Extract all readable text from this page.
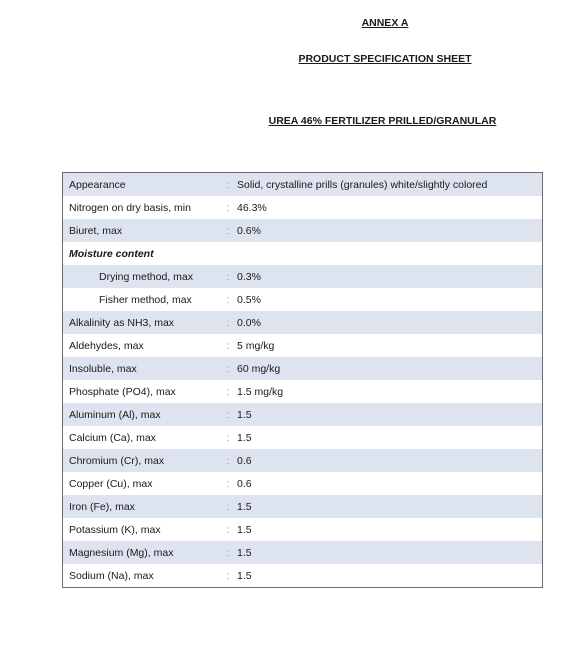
ANNEX A
PRODUCT SPECIFICATION SHEET
UREA 46% FERTILIZER PRILLED/GRANULAR
Appearance	:	Solid, crystalline prills (granules) white/slightly colored
Nitrogen on dry basis, min	:	46.3%
Biuret, max	:	0.6%
Moisture content		
Drying method, max	:	0.3%
Fisher method, max	:	0.5%
Alkalinity as NH3, max	:	0.0%
Aldehydes, max	:	5 mg/kg
Insoluble, max	:	60 mg/kg
Phosphate (PO4), max	:	1.5 mg/kg
Aluminum (Al), max	:	1.5
Calcium (Ca), max	:	1.5
Chromium (Cr), max	:	0.6
Copper (Cu), max	:	0.6
Iron (Fe), max	:	1.5
Potassium (K), max	:	1.5
Magnesium (Mg), max	:	1.5
Sodium (Na), max	:	1.5
